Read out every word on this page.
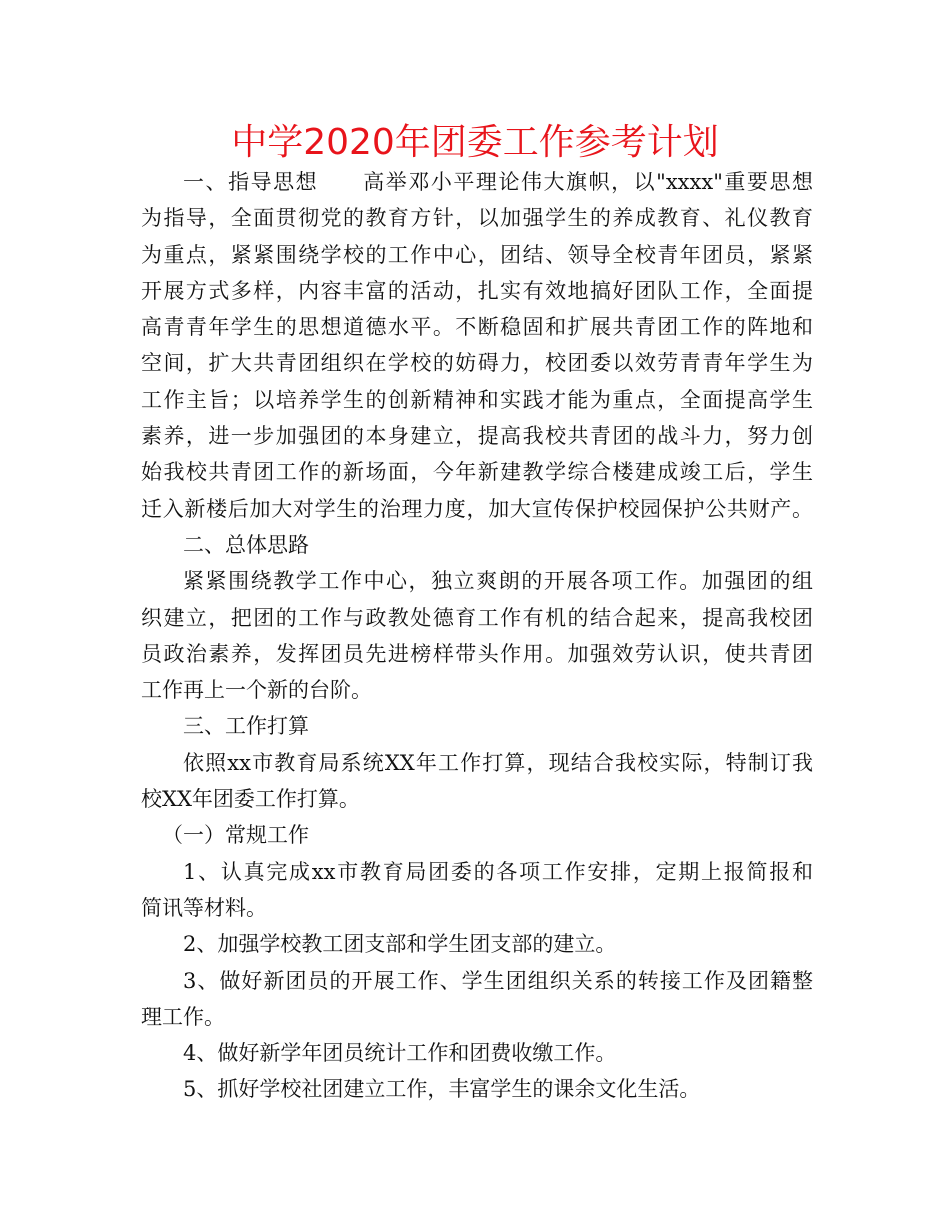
中学2020年团委工作参考计划
一、指导思想　　高举邓小平理论伟大旗帜，以"xxxx"重要思想
为指导，全面贯彻党的教育方针，以加强学生的养成教育、礼仪教育
为重点，紧紧围绕学校的工作中心，团结、领导全校青年团员，紧紧
开展方式多样，内容丰富的活动，扎实有效地搞好团队工作，全面提
高青青年学生的思想道德水平。不断稳固和扩展共青团工作的阵地和
空间，扩大共青团组织在学校的妨碍力，校团委以效劳青青年学生为
工作主旨；以培养学生的创新精神和实践才能为重点，全面提高学生
素养，进一步加强团的本身建立，提高我校共青团的战斗力，努力创
始我校共青团工作的新场面，今年新建教学综合楼建成竣工后，学生
迁入新楼后加大对学生的治理力度，加大宣传保护校园保护公共财产。
二、总体思路
紧紧围绕教学工作中心，独立爽朗的开展各项工作。加强团的组
织建立，把团的工作与政教处德育工作有机的结合起来，提高我校团
员政治素养，发挥团员先进榜样带头作用。加强效劳认识，使共青团
工作再上一个新的台阶。
三、工作打算
依照xx市教育局系统XX年工作打算，现结合我校实际，特制订我
校XX年团委工作打算。
（一）常规工作
1、认真完成xx市教育局团委的各项工作安排，定期上报简报和
简讯等材料。
2、加强学校教工团支部和学生团支部的建立。
3、做好新团员的开展工作、学生团组织关系的转接工作及团籍整
理工作。
4、做好新学年团员统计工作和团费收缴工作。
5、抓好学校社团建立工作，丰富学生的课余文化生活。
